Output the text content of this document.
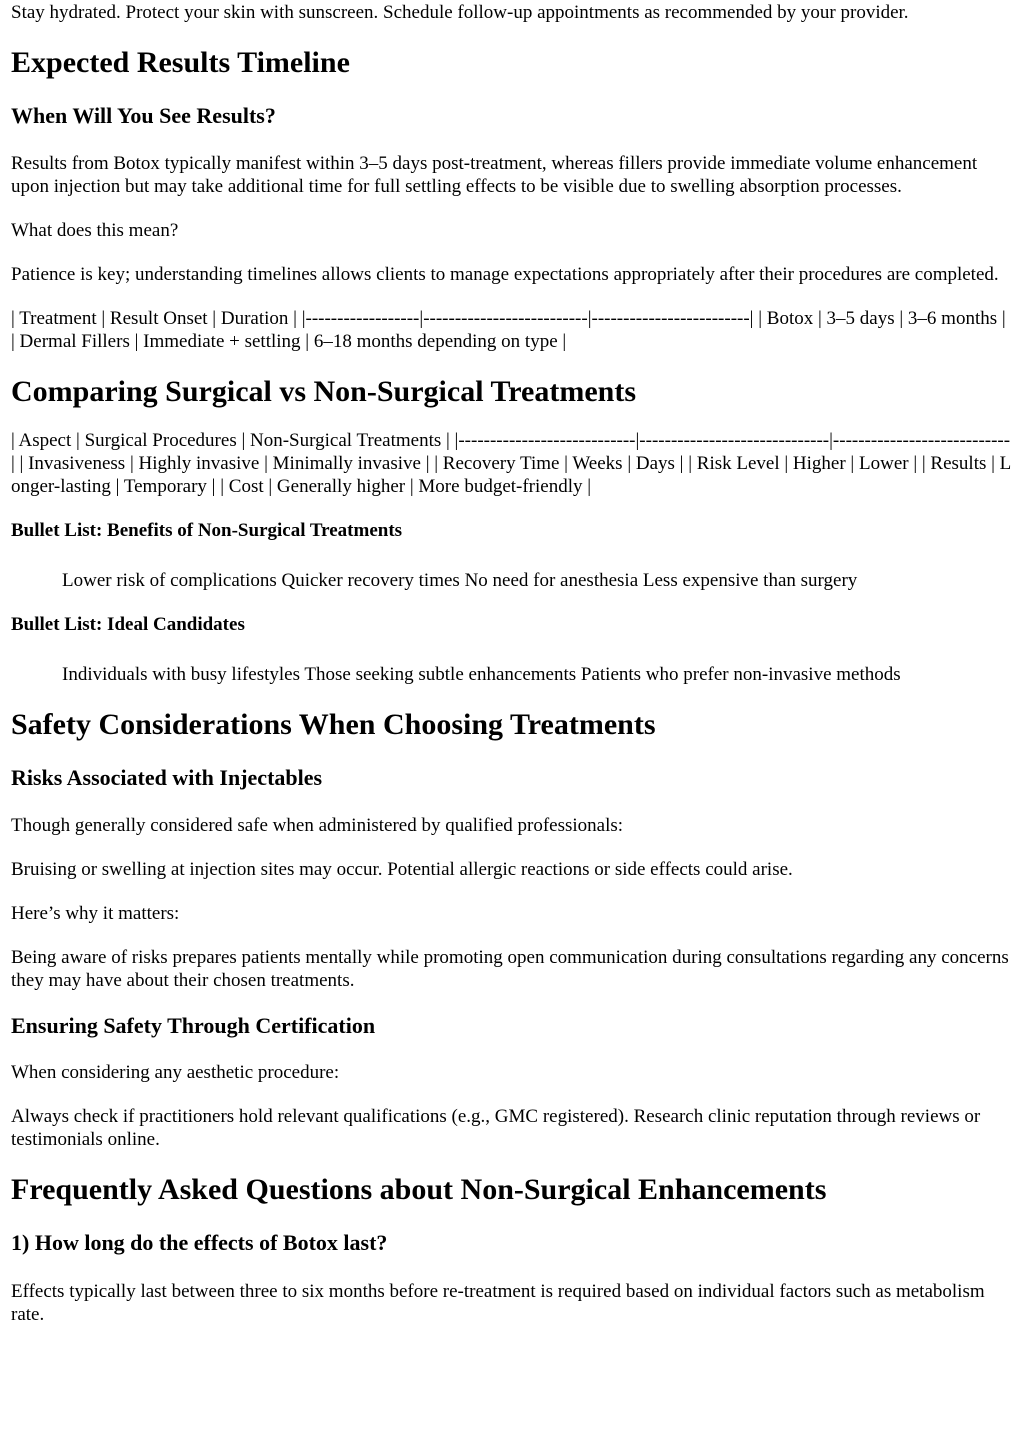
Stay hydrated. Protect your skin with sunscreen. Schedule follow-up appointments as recommended by your provider.

Expected Results Timeline
When Will You See Results?

Results from Botox typically manifest within 3–5 days post-treatment, whereas fillers provide immediate volume enhancement upon injection but may take additional time for full settling effects to be visible due to swelling absorption processes.

What does this mean?

Patience is key; understanding timelines allows clients to manage expectations appropriately after their procedures are completed.

| Treatment | Result Onset | Duration | |------------------|--------------------------|-------------------------| | Botox | 3–5 days | 3–6 months | | Dermal Fillers | Immediate + settling | 6–18 months depending on type |

Comparing Surgical vs Non-Surgical Treatments

| Aspect | Surgical Procedures | Non-Surgical Treatments | |----------------------------|------------------------------|----------------------------| | Invasiveness | Highly invasive | Minimally invasive | | Recovery Time | Weeks | Days | | Risk Level | Higher | Lower | | Results | Longer-lasting | Temporary | | Cost | Generally higher | More budget-friendly |

Bullet List: Benefits of Non-Surgical Treatments

Lower risk of complications Quicker recovery times No need for anesthesia Less expensive than surgery

Bullet List: Ideal Candidates

Individuals with busy lifestyles Those seeking subtle enhancements Patients who prefer non-invasive methods

Safety Considerations When Choosing Treatments
Risks Associated with Injectables

Though generally considered safe when administered by qualified professionals:

Bruising or swelling at injection sites may occur. Potential allergic reactions or side effects could arise.

Here’s why it matters:

Being aware of risks prepares patients mentally while promoting open communication during consultations regarding any concerns they may have about their chosen treatments.

Ensuring Safety Through Certification

When considering any aesthetic procedure:

Always check if practitioners hold relevant qualifications (e.g., GMC registered). Research clinic reputation through reviews or testimonials online.

Frequently Asked Questions about Non-Surgical Enhancements
1) How long do the effects of Botox last?

Effects typically last between three to six months before re-treatment is required based on individual factors such as metabolism rate.
